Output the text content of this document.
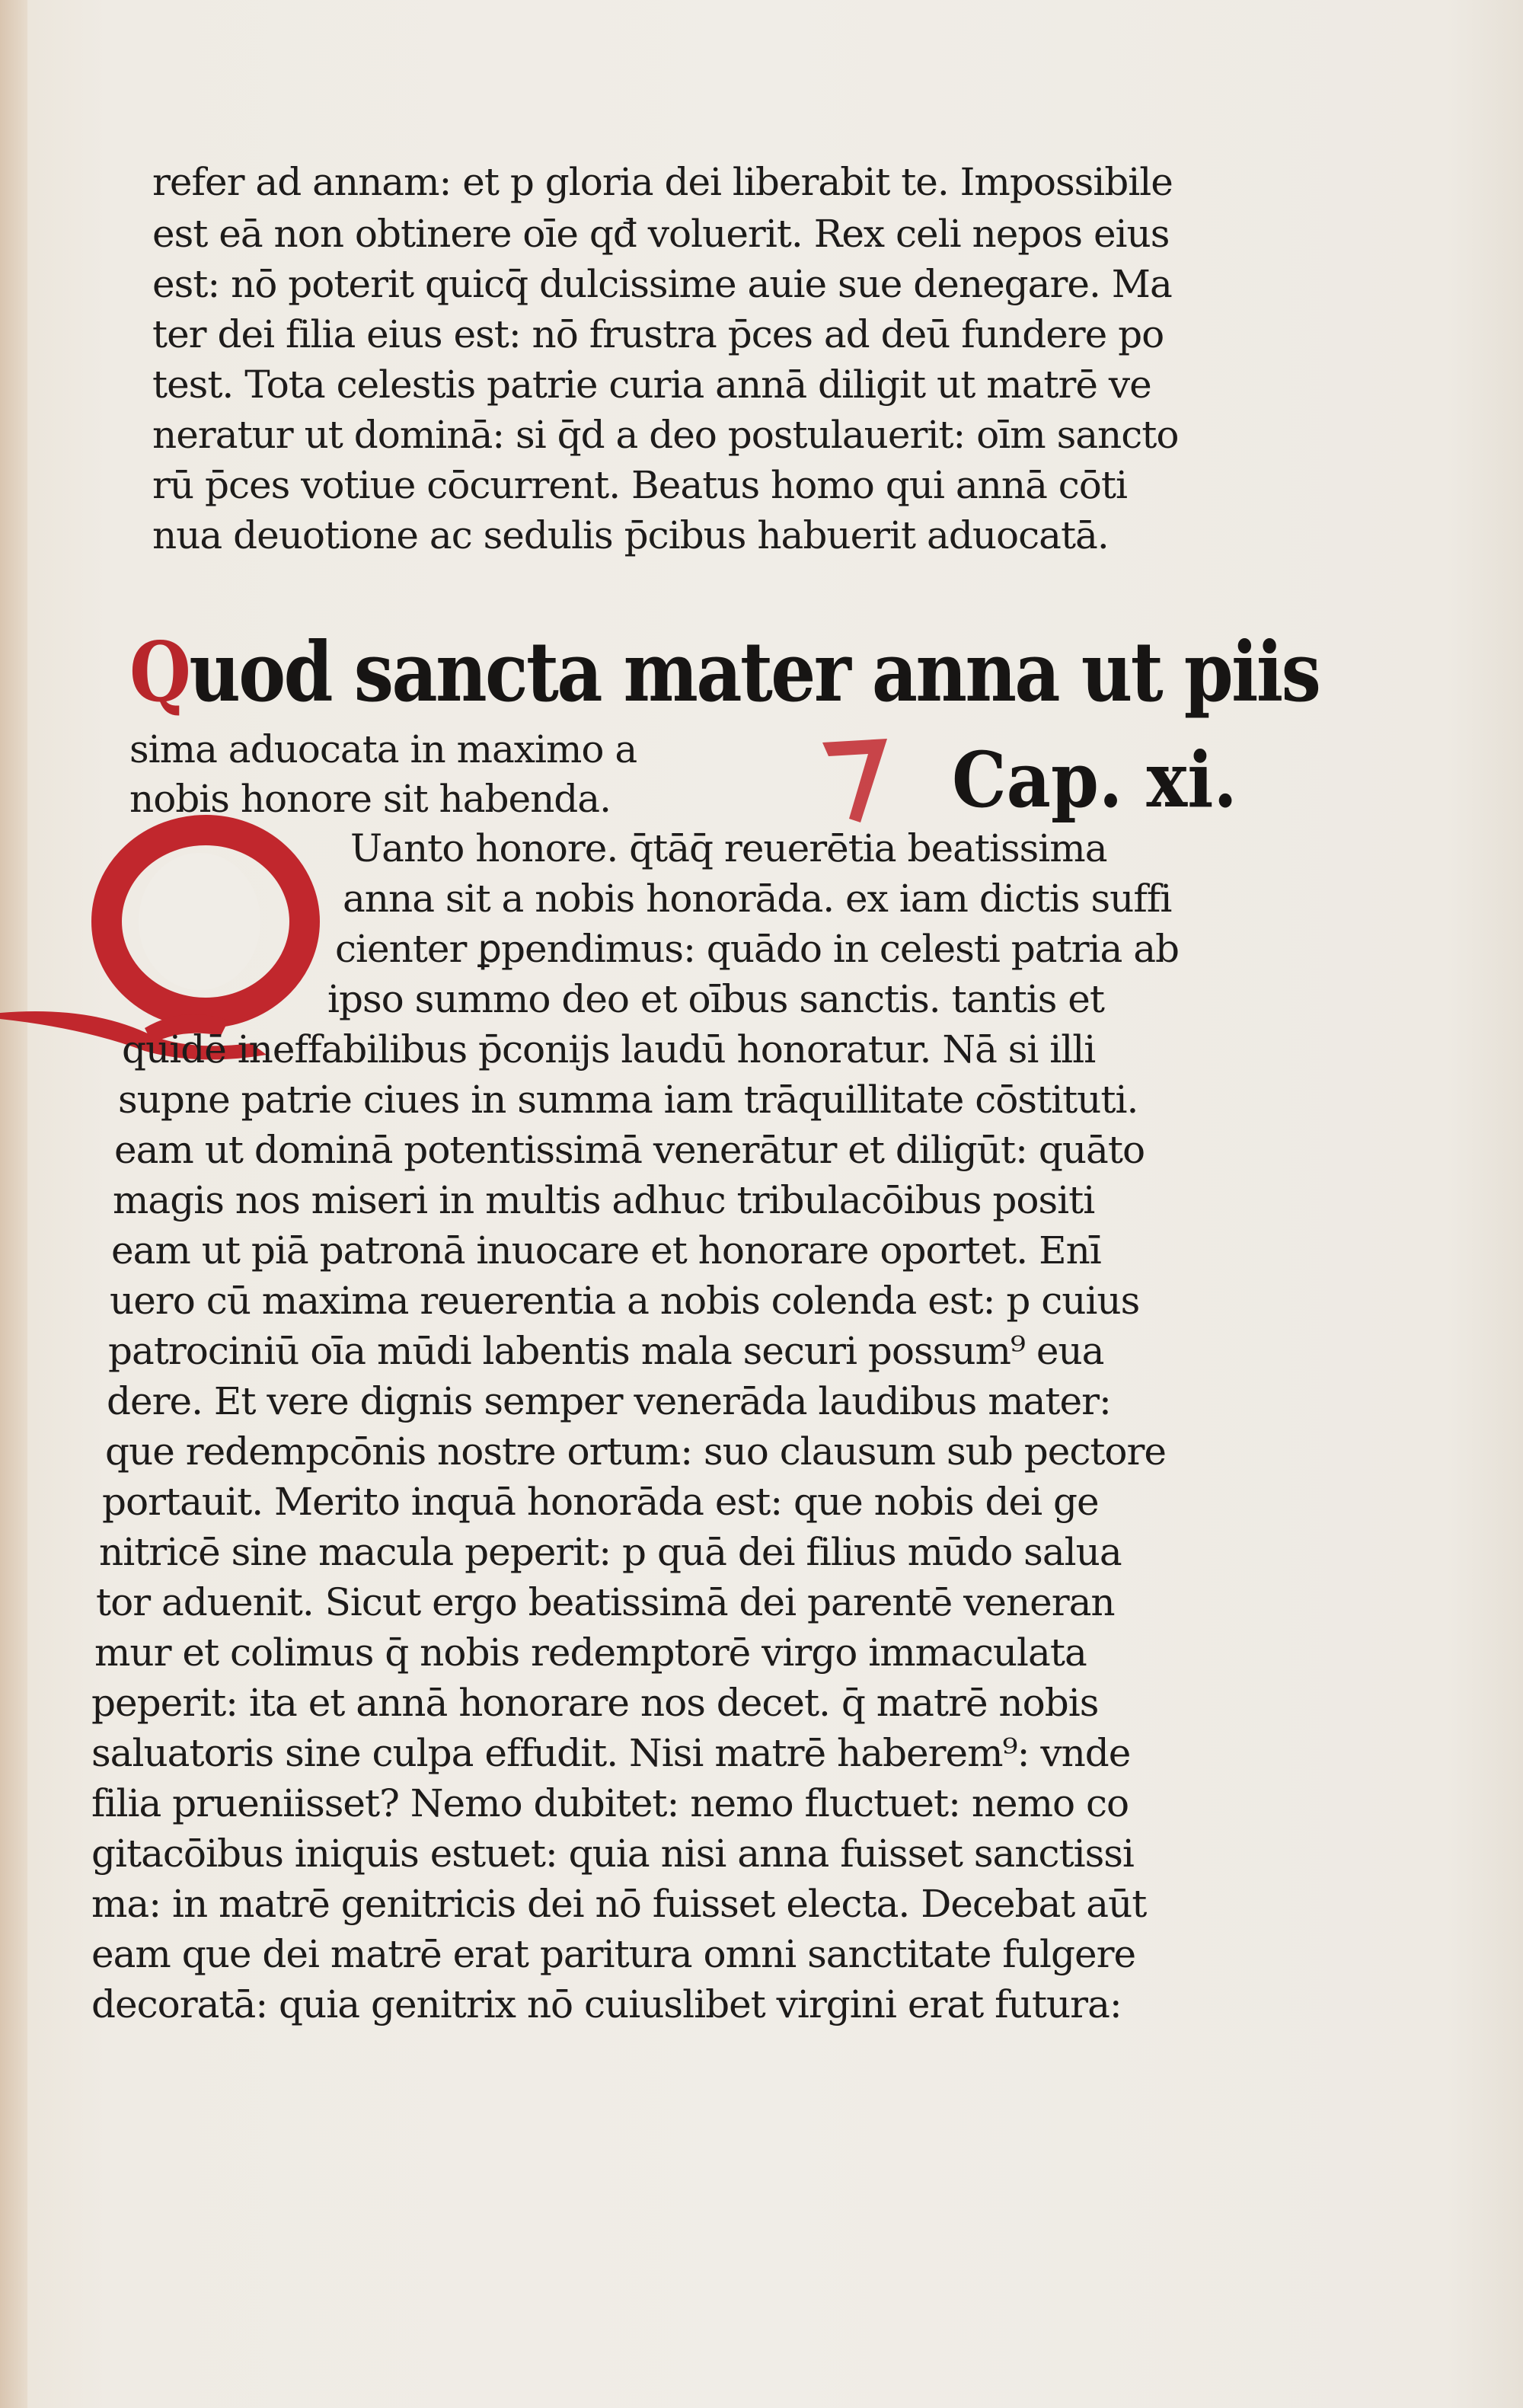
refer ad annam: et p gloria dei liberabit te. Impossibile
est eā non obtinere oīe qđ voluerit. Rex celi nepos eius
est: nō poterit quicq̄ dulcissime auie sue denegare. Ma
ter dei filia eius est: nō frustra p̄ces ad deū fundere po
test. Tota celestis patrie curia annā diligit ut matrē ve
neratur ut dominā: si q̄d a deo postulauerit: oīm sancto
rū p̄ces votiue cōcurrent. Beatus homo qui annā cōti
nua deuotione ac sedulis p̄cibus habuerit aduocatā.
Quod sancta mater anna ut piis
sima aduocata in maximo a
nobis honore sit habenda.	Cap. xi.
Uanto honore. q̄tāq̄ reuerētia beatissima
anna sit a nobis honorāda. ex iam dictis suffi
cienter ꝑpendimus: quādo in celesti patria ab
ipso summo deo et oībus sanctis. tantis et
quidē ineffabilibus p̄conijs laudū honoratur. Nā si illi
supne patrie ciues in summa iam trāquillitate cōstituti.
eam ut dominā potentissimā venerātur et diligūt: quāto
magis nos miseri in multis adhuc tribulacōibus positi
eam ut piā patronā inuocare et honorare oportet. Enī
uero cū maxima reuerentia a nobis colenda est: p cuius
patrociniū oīa mūdi labentis mala securi possum⁹ eua
dere. Et vere dignis semper venerāda laudibus mater:
que redempcōnis nostre ortum: suo clausum sub pectore
portauit. Merito inquā honorāda est: que nobis dei ge
nitricē sine macula peperit: p quā dei filius mūdo salua
tor aduenit. Sicut ergo beatissimā dei parentē veneran
mur et colimus q̄ nobis redemptorē virgo immaculata
peperit: ita et annā honorare nos decet. q̄ matrē nobis
saluatoris sine culpa effudit. Nisi matrē haberem⁹: vnde
filia prueniisset? Nemo dubitet: nemo fluctuet: nemo co
gitacōibus iniquis estuet: quia nisi anna fuisset sanctissi
ma: in matrē genitricis dei nō fuisset electa. Decebat aūt
eam que dei matrē erat paritura omni sanctitate fulgere
decoratā: quia genitrix nō cuiuslibet virgini erat futura:
